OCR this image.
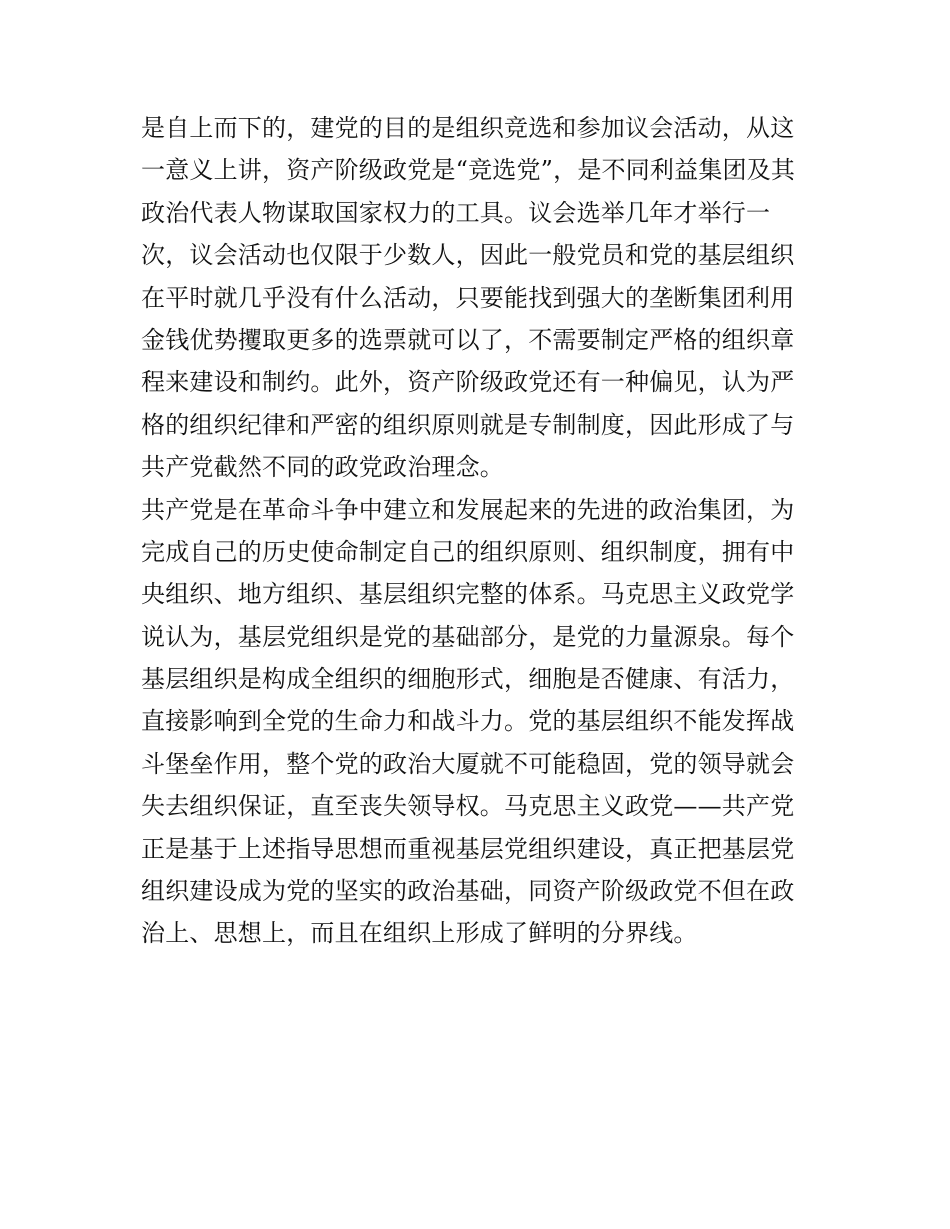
是自上而下的，建党的目的是组织竞选和参加议会活动，从这
一意义上讲，资产阶级政党是“竞选党”，是不同利益集团及其
政治代表人物谋取国家权力的工具。议会选举几年才举行一
次，议会活动也仅限于少数人，因此一般党员和党的基层组织
在平时就几乎没有什么活动，只要能找到强大的垄断集团利用
金钱优势攫取更多的选票就可以了，不需要制定严格的组织章
程来建设和制约。此外，资产阶级政党还有一种偏见，认为严
格的组织纪律和严密的组织原则就是专制制度，因此形成了与
共产党截然不同的政党政治理念。
共产党是在革命斗争中建立和发展起来的先进的政治集团，为
完成自己的历史使命制定自己的组织原则、组织制度，拥有中
央组织、地方组织、基层组织完整的体系。马克思主义政党学
说认为，基层党组织是党的基础部分，是党的力量源泉。每个
基层组织是构成全组织的细胞形式，细胞是否健康、有活力，
直接影响到全党的生命力和战斗力。党的基层组织不能发挥战
斗堡垒作用，整个党的政治大厦就不可能稳固，党的领导就会
失去组织保证，直至丧失领导权。马克思主义政党——共产党
正是基于上述指导思想而重视基层党组织建设，真正把基层党
组织建设成为党的坚实的政治基础，同资产阶级政党不但在政
治上、思想上，而且在组织上形成了鲜明的分界线。
